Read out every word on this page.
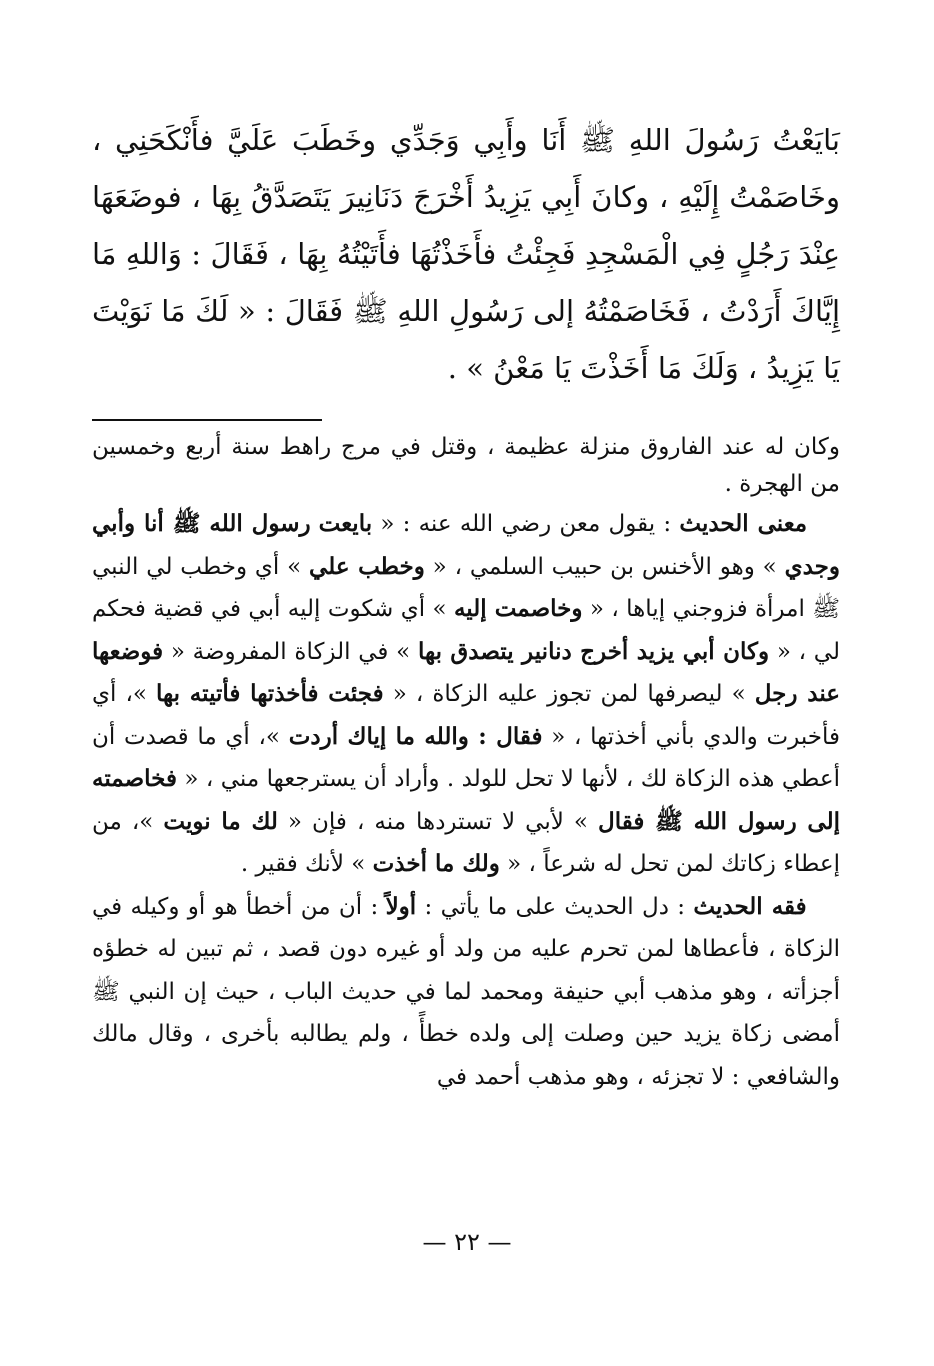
بَايَعْتُ رَسُولَ اللهِ ﷺ أَنَا وأَبِي وَجَدِّي وخَطَبَ عَلَيَّ فأَنْكَحَنِي ، وخَاصَمْتُ إِلَيْهِ ، وكانَ أَبِي يَزِيدُ أَخْرَجَ دَنَانِيرَ يَتَصَدَّقُ بِهَا ، فوضَعَهَا عِنْدَ رَجُلٍ فِي الْمَسْجِدِ فَجِئْتُ فأَخَذْتُهَا فأَتَيْتُهُ بِهَا ، فَقَالَ : وَاللهِ مَا إِيَّاكَ أَرَدْتُ ، فَخَاصَمْتُهُ إلى رَسُولِ اللهِ ﷺ فَقَالَ : « لَكَ مَا نَوَيْتَ يَا يَزِيدُ ، وَلَكَ مَا أَخَذْتَ يَا مَعْنُ » .

وكان له عند الفاروق منزلة عظيمة ، وقتل في مرج راهط سنة أربع وخمسين من الهجرة .

معنى الحديث : يقول معن رضي الله عنه : « بايعت رسول الله ﷺ أنا وأبي وجدي » وهو الأخنس بن حبيب السلمي ، « وخطب علي » أي وخطب لي النبي ﷺ امرأة فزوجني إياها ، « وخاصمت إليه » أي شكوت إليه أبي في قضية فحكم لي ، « وكان أبي يزيد أخرج دنانير يتصدق بها » في الزكاة المفروضة « فوضعها عند رجل » ليصرفها لمن تجوز عليه الزكاة ، « فجئت فأخذتها فأتيته بها »، أي فأخبرت والدي بأني أخذتها ، « فقال : والله ما إياك أردت »، أي ما قصدت أن أعطي هذه الزكاة لك ، لأنها لا تحل للولد . وأراد أن يسترجعها مني ، « فخاصمته إلى رسول الله ﷺ فقال » لأبي لا تستردها منه ، فإن « لك ما نويت »، من إعطاء زكاتك لمن تحل له شرعاً ، « ولك ما أخذت » لأنك فقير .

فقه الحديث : دل الحديث على ما يأتي : أولاً : أن من أخطأ هو أو وكيله في الزكاة ، فأعطاها لمن تحرم عليه من ولد أو غيره دون قصد ، ثم تبين له خطؤه أجزأته ، وهو مذهب أبي حنيفة ومحمد لما في حديث الباب ، حيث إن النبي ﷺ أمضى زكاة يزيد حين وصلت إلى ولده خطأً ، ولم يطالبه بأخرى ، وقال مالك والشافعي : لا تجزئه ، وهو مذهب أحمد في

— ٢٢ —
